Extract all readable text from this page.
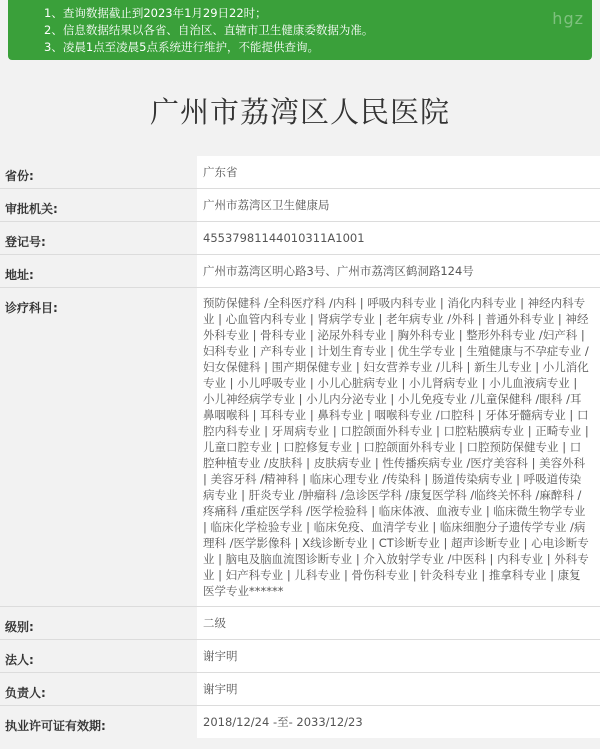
1、查询数据截止到2023年1月29日22时；
2、信息数据结果以各省、自治区、直辖市卫生健康委数据为准。
3、凌晨1点至凌晨5点系统进行维护，不能提供查询。
hgz
广州市荔湾区人民医院
省份:	广东省
审批机关:	广州市荔湾区卫生健康局
登记号:	45537981144010311A1001
地址:	广州市荔湾区明心路3号、广州市荔湾区鹤洞路124号
诊疗科目:	预防保健科 /全科医疗科 /内科 | 呼吸内科专业 | 消化内科专业 | 神经内科专业 | 心血管内科专业 | 肾病学专业 | 老年病专业 /外科 | 普通外科专业 | 神经外科专业 | 骨科专业 | 泌尿外科专业 | 胸外科专业 | 整形外科专业 /妇产科 | 妇科专业 | 产科专业 | 计划生育专业 | 优生学专业 | 生殖健康与不孕症专业 /妇女保健科 | 围产期保健专业 | 妇女营养专业 /儿科 | 新生儿专业 | 小儿消化专业 | 小儿呼吸专业 | 小儿心脏病专业 | 小儿肾病专业 | 小儿血液病专业 | 小儿神经病学专业 | 小儿内分泌专业 | 小儿免疫专业 /儿童保健科 /眼科 /耳鼻咽喉科 | 耳科专业 | 鼻科专业 | 咽喉科专业 /口腔科 | 牙体牙髓病专业 | 口腔内科专业 | 牙周病专业 | 口腔颌面外科专业 | 口腔粘膜病专业 | 正畸专业 | 儿童口腔专业 | 口腔修复专业 | 口腔颌面外科专业 | 口腔预防保健专业 | 口腔种植专业 /皮肤科 | 皮肤病专业 | 性传播疾病专业 /医疗美容科 | 美容外科 | 美容牙科 /精神科 | 临床心理专业 /传染科 | 肠道传染病专业 | 呼吸道传染病专业 | 肝炎专业 /肿瘤科 /急诊医学科 /康复医学科 /临终关怀科 /麻醉科 /疼痛科 /重症医学科 /医学检验科 | 临床体液、血液专业 | 临床微生物学专业 | 临床化学检验专业 | 临床免疫、血清学专业 | 临床细胞分子遗传学专业 /病理科 /医学影像科 | X线诊断专业 | CT诊断专业 | 超声诊断专业 | 心电诊断专业 | 脑电及脑血流图诊断专业 | 介入放射学专业 /中医科 | 内科专业 | 外科专业 | 妇产科专业 | 儿科专业 | 骨伤科专业 | 针灸科专业 | 推拿科专业 | 康复医学专业******
级别:	二级
法人:	谢宇明
负责人:	谢宇明
执业许可证有效期:	2018/12/24 -至- 2033/12/23
